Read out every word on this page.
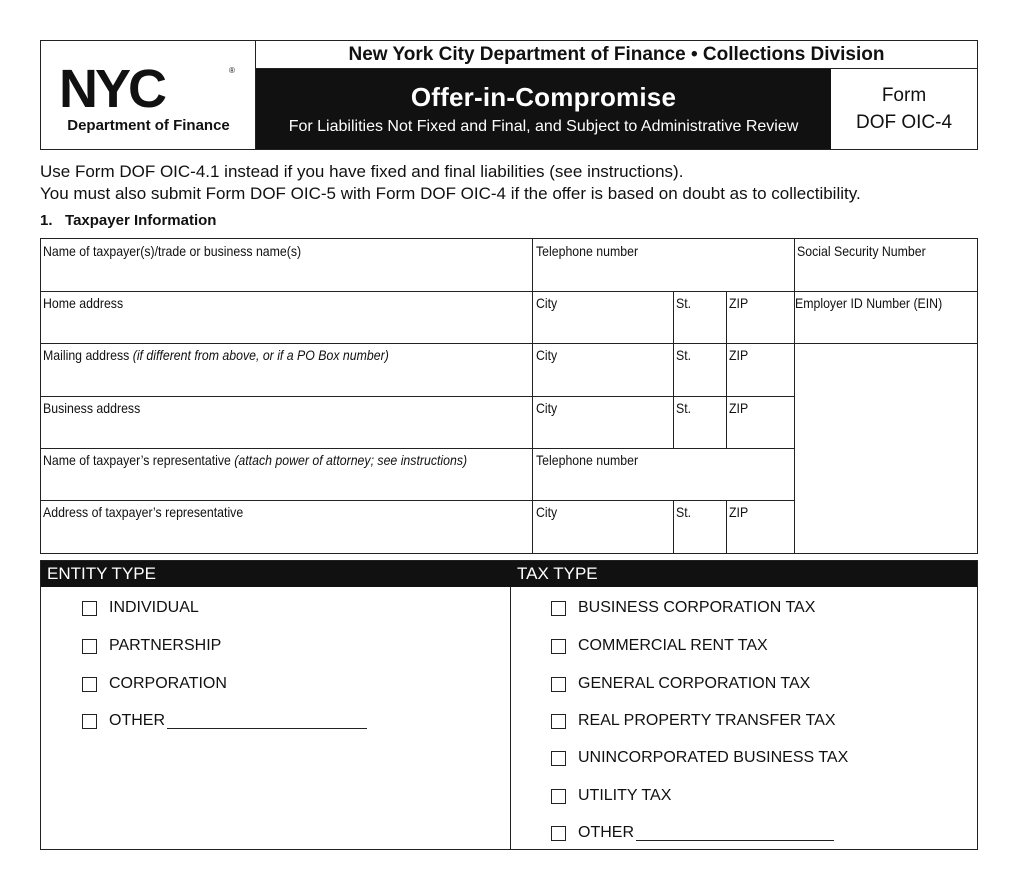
NYC	®
Department of Finance
New York City Department of Finance • Collections Division
Offer-in-Compromise
For Liabilities Not Fixed and Final, and Subject to Administrative Review
Form
DOF OIC-4
Use Form DOF OIC-4.1 instead if you have fixed and final liabilities (see instructions).
You must also submit Form DOF OIC-5 with Form DOF OIC-4 if the offer is based on doubt as to collectibility.
1. Taxpayer Information
Name of taxpayer(s)/trade or business name(s)	Telephone number	Social Security Number
Home address	City	St.	ZIP	Employer ID Number (EIN)
Mailing address (if different from above, or if a PO Box number)	City	St.	ZIP
Business address	City	St.	ZIP
Name of taxpayer’s representative (attach power of attorney; see instructions)	Telephone number
Address of taxpayer’s representative	City	St.	ZIP
ENTITY TYPE	TAX TYPE
INDIVIDUAL
PARTNERSHIP
CORPORATION
OTHER
BUSINESS CORPORATION TAX
COMMERCIAL RENT TAX
GENERAL CORPORATION TAX
REAL PROPERTY TRANSFER TAX
UNINCORPORATED BUSINESS TAX
UTILITY TAX
OTHER
